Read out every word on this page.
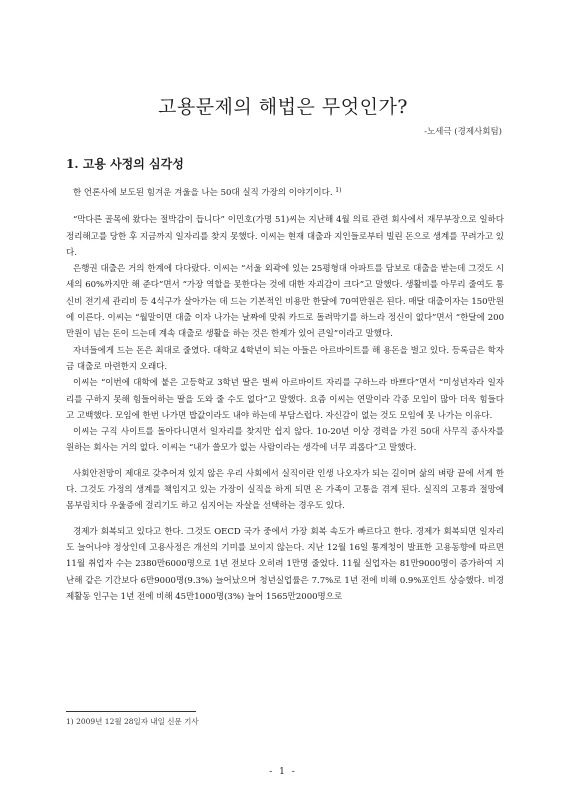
고용문제의 해법은 무엇인가?
-노세극 (경제사회팀)
1. 고용 사정의 심각성

한 언론사에 보도된 힘겨운 겨울을 나는 50대 실직 가장의 이야기이다. $^{1)}$

“막다른 골목에 왔다는 절박감이 듭니다” 이민호(가명 51)씨는 지난해 4월 의료 관련 회사에서 재무부장으로 일하다 정리해고를 당한 후 지금까지 일자리를 찾지 못했다. 이씨는 현재 대출과 지인들로부터 빌린 돈으로 생계를 꾸려가고 있다.

은행권 대출은 거의 한계에 다다랐다. 이씨는 “서울 외곽에 있는 25평형대 아파트를 담보로 대출을 받는데 그것도 시세의 60%까지만 해 준다”면서 “가장 역할을 못한다는 것에 대한 자괴감이 크다”고 말했다. 생활비를 아무리 줄여도 통신비 전기세 관리비 등 4식구가 살아가는 데 드는 기본적인 비용만 한달에 70여만원은 된다. 매달 대출이자는 150만원에 이른다. 이씨는 “월말이면 대출 이자 나가는 날짜에 맞춰 카드로 돌려막기를 하느라 정신이 없다”면서 “한달에 200만원이 넘는 돈이 드는데 계속 대출로 생활을 하는 것은 한계가 있어 큰일”이라고 말했다.

자녀들에게 드는 돈은 최대로 줄였다. 대학교 4학년이 되는 아들은 아르바이트를 해 용돈을 벌고 있다. 등록금은 학자금 대출로 마련한지 오래다.

이씨는 “이번에 대학에 붙은 고등학교 3학년 딸은 벌써 아르바이트 자리를 구하느라 바쁘다”면서 “미성년자라 일자리를 구하지 못해 힘들어하는 딸을 도와 줄 수도 없다”고 말했다. 요즘 이씨는 연말이라 각종 모임이 많아 더욱 힘들다고 고백했다. 모임에 한번 나가면 밥값이라도 내야 하는데 부담스럽다. 자신감이 없는 것도 모임에 못 나가는 이유다.

이씨는 구직 사이트를 돌아다니면서 일자리를 찾지만 쉽지 않다. 10-20년 이상 경력을 가진 50대 사무직 종사자를 원하는 회사는 거의 없다. 이씨는 “내가 쓸모가 없는 사람이라는 생각에 너무 괴롭다”고 말했다.

사회안전망이 제대로 갖추어져 있지 않은 우리 사회에서 실직이란 인생 나오자가 되는 길이며 삶의 벼랑 끝에 서게 한다. 그것도 가정의 생계를 책임지고 있는 가장이 실직을 하게 되면 온 가족이 고통을 겪게 된다. 실직의 고통과 절망에 몸부림치다 우울증에 걸리기도 하고 심지어는 자살을 선택하는 경우도 있다.

경제가 회복되고 있다고 한다. 그것도 OECD 국가 중에서 가장 회복 속도가 빠르다고 한다. 경제가 회복되면 일자리도 늘어나야 정상인데 고용사정은 개선의 기미를 보이지 않는다. 지난 12월 16일 통계청이 발표한 고용동향에 따르면 11월 취업자 수는 2380만6000명으로 1년 전보다 오히려 1만명 줄었다. 11월 실업자는 81만9000명이 증가하여 지난해 같은 기간보다 6만9000명(9.3%) 늘어났으며 청년실업률은 7.7%로 1년 전에 비해 0.9%포인트 상승했다. 비경제활동 인구는 1년 전에 비해 45만1000명(3%) 늘어 1565만2000명으로

1) 2009년 12월 28일자 내일 신문 기사
- 1 -
